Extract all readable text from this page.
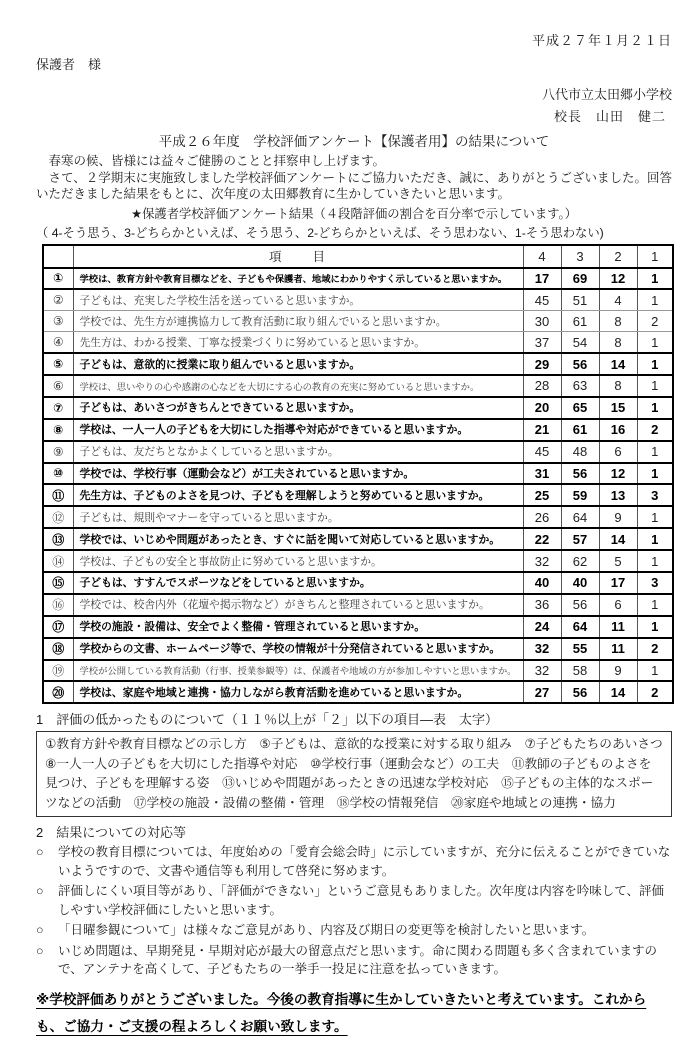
平成２７年１月２１日
保護者　様
八代市立太田郷小学校
校長　山田　健二
平成２６年度　学校評価アンケート【保護者用】の結果について

　春寒の候、皆様には益々ご健勝のことと拝察申し上げます。

　さて、２学期末に実施致しました学校評価アンケートにご協力いただき、誠に、ありがとうございました。回答いただきました結果をもとに、次年度の太田郷教育に生かしていきたいと思います。

★保護者学校評価アンケート結果（４段階評価の割合を百分率で示しています。）
（ 4-そう思う、3-どちらかといえば、そう思う、2-どちらかといえば、そう思わない、1-そう思わない)
	項　　目	4	3	2	1
①	学校は、教育方針や教育目標などを、子どもや保護者、地域にわかりやすく示していると思いますか。	17	69	12	1
②	子どもは、充実した学校生活を送っていると思いますか。	45	51	4	1
③	学校では、先生方が連携協力して教育活動に取り組んでいると思いますか。	30	61	8	2
④	先生方は、わかる授業、丁寧な授業づくりに努めていると思いますか。	37	54	8	1
⑤	子どもは、意欲的に授業に取り組んでいると思いますか。	29	56	14	1
⑥	学校は、思いやりの心や感謝の心などを大切にする心の教育の充実に努めていると思いますか。	28	63	8	1
⑦	子どもは、あいさつがきちんとできていると思いますか。	20	65	15	1
⑧	学校は、一人一人の子どもを大切にした指導や対応ができていると思いますか。	21	61	16	2
⑨	子どもは、友だちとなかよくしていると思いますか。	45	48	6	1
⑩	学校では、学校行事（運動会など）が工夫されていると思いますか。	31	56	12	1
⑪	先生方は、子どものよさを見つけ、子どもを理解しようと努めていると思いますか。	25	59	13	3
⑫	子どもは、規則やマナーを守っていると思いますか。	26	64	9	1
⑬	学校では、いじめや問題があったとき、すぐに話を聞いて対応していると思いますか。	22	57	14	1
⑭	学校は、子どもの安全と事故防止に努めていると思いますか。	32	62	5	1
⑮	子どもは、すすんでスポーツなどをしていると思いますか。	40	40	17	3
⑯	学校では、校舎内外（花壇や掲示物など）がきちんと整理されていると思いますか。	36	56	6	1
⑰	学校の施設・設備は、安全でよく整備・管理されていると思いますか。	24	64	11	1
⑱	学校からの文書、ホームページ等で、学校の情報が十分発信されていると思いますか。	32	55	11	2
⑲	学校が公開している教育活動（行事、授業参観等）は、保護者や地域の方が参加しやすいと思いますか。	32	58	9	1
⑳	学校は、家庭や地域と連携・協力しながら教育活動を進めていると思いますか。	27	56	14	2
1　評価の低かったものについて（１１％以上が「２」以下の項目―表　太字）
①教育方針や教育目標などの示し方　⑤子どもは、意欲的な授業に対する取り組み　⑦子どもたちのあいさつ　⑧一人一人の子どもを大切にした指導や対応　⑩学校行事（運動会など）の工夫　⑪教師の子どものよさを見つけ、子どもを理解する姿　⑬いじめや問題があったときの迅速な学校対応　⑮子どもの主体的なスポーツなどの活動　⑰学校の施設・設備の整備・管理　⑱学校の情報発信　⑳家庭や地域との連携・協力
2　結果についての対応等
○	学校の教育目標については、年度始めの「愛育会総会時」に示していますが、充分に伝えることができていないようですので、文書や通信等も利用して啓発に努めます。
○	評価しにくい項目等があり、「評価ができない」というご意見もありました。次年度は内容を吟味して、評価しやすい学校評価にしたいと思います。
○	「日曜参観について」は様々なご意見があり、内容及び期日の変更等を検討したいと思います。
○	いじめ問題は、早期発見・早期対応が最大の留意点だと思います。命に関わる問題も多く含まれていますので、アンテナを高くして、子どもたちの一挙手一投足に注意を払っていきます。
※学校評価ありがとうございました。今後の教育指導に生かしていきたいと考えています。これからも、ご協力・ご支援の程よろしくお願い致します。
